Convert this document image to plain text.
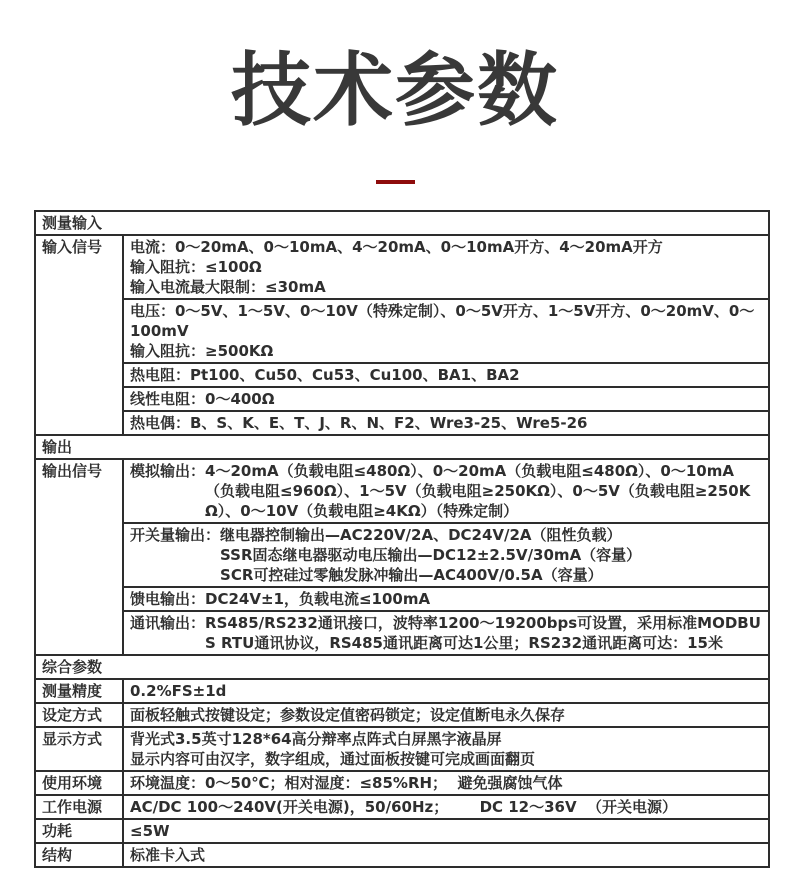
技术参数
测量输入	
输入信号	电流：0～20mA、0～10mA、4～20mA、0～10mA开方、4～20mA开方
输入阻抗：≤100Ω
输入电流最大限制：≤30mA

	电压：0～5V、1～5V、0～10V（特殊定制）、0～5V开方、1～5V开方、0～20mV、0～100mV
输入阻抗：≥500KΩ

	热电阻：Pt100、Cu50、Cu53、Cu100、BA1、BA2

	线性电阻：0～400Ω

	热电偶：B、S、K、E、T、J、R、N、F2、Wre3-25、Wre5-26

输出	
输出信号	模拟输出： 4～20mA（负载电阻≤480Ω）、0～20mA（负载电阻≤480Ω）、0～10mA（负载电阻≤960Ω）、1～5V（负载电阻≥250KΩ）、0～5V（负载电阻≥250KΩ）、0～10V（负载电阻≥4KΩ）（特殊定制）

	开关量输出： 继电器控制输出—AC220V/2A、DC24V/2A（阻性负载）
SSR固态继电器驱动电压输出—DC12±2.5V/30mA（容量）
SCR可控硅过零触发脉冲输出—AC400V/0.5A（容量）

	馈电输出： DC24V±1，负载电流≤100mA

	通讯输出： RS485/RS232通讯接口，波特率1200～19200bps可设置，采用标准MODBUS RTU通讯协议，RS485通讯距离可达1公里；RS232通讯距离可达：15米

综合参数	
测量精度	0.2%FS±1d

设定方式	面板轻触式按键设定；参数设定值密码锁定；设定值断电永久保存

显示方式	背光式3.5英寸128*64高分辩率点阵式白屏黑字液晶屏
显示内容可由汉字，数字组成，通过面板按键可完成画面翻页

使用环境	环境温度：0～50℃；相对湿度：≤85%RH；  避免强腐蚀气体

工作电源	AC/DC 100～240V(开关电源)，50/60Hz；      DC 12～36V  （开关电源）

功耗	≤5W

结构	标准卡入式
